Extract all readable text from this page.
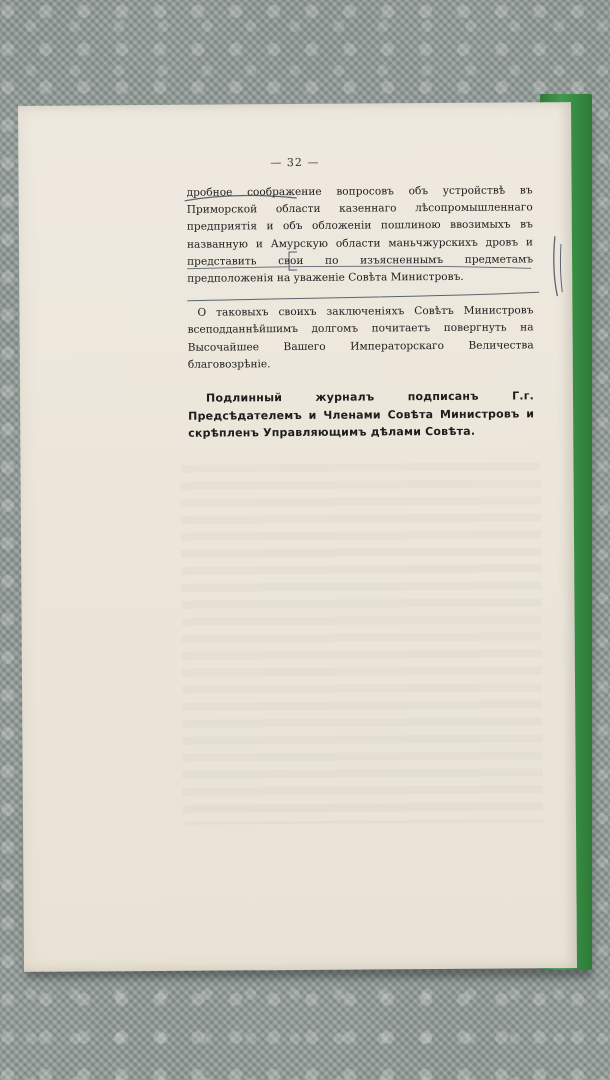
— 32 —

дробное соображение вопросовъ объ устройствѣ въ Приморской области казеннаго лѣсопромышленнаго предприятія и объ обложеніи пошлиною ввозимыхъ въ названную и Амурскую области маньчжурскихъ дровъ и представить свои по изъясненнымъ предметамъ предположенія на уваженіе Совѣта Министровъ.

О таковыхъ своихъ заключеніяхъ Совѣтъ Министровъ всеподданнѣйшимъ долгомъ почитаетъ повергнуть на Высочайшее Вашего Императорскаго Величества благовозрѣніе.

Подлинный журналъ подписанъ Г.г. Предсѣдателемъ и Членами Совѣта Министровъ и скрѣпленъ Управляющимъ дѣлами Совѣта.
